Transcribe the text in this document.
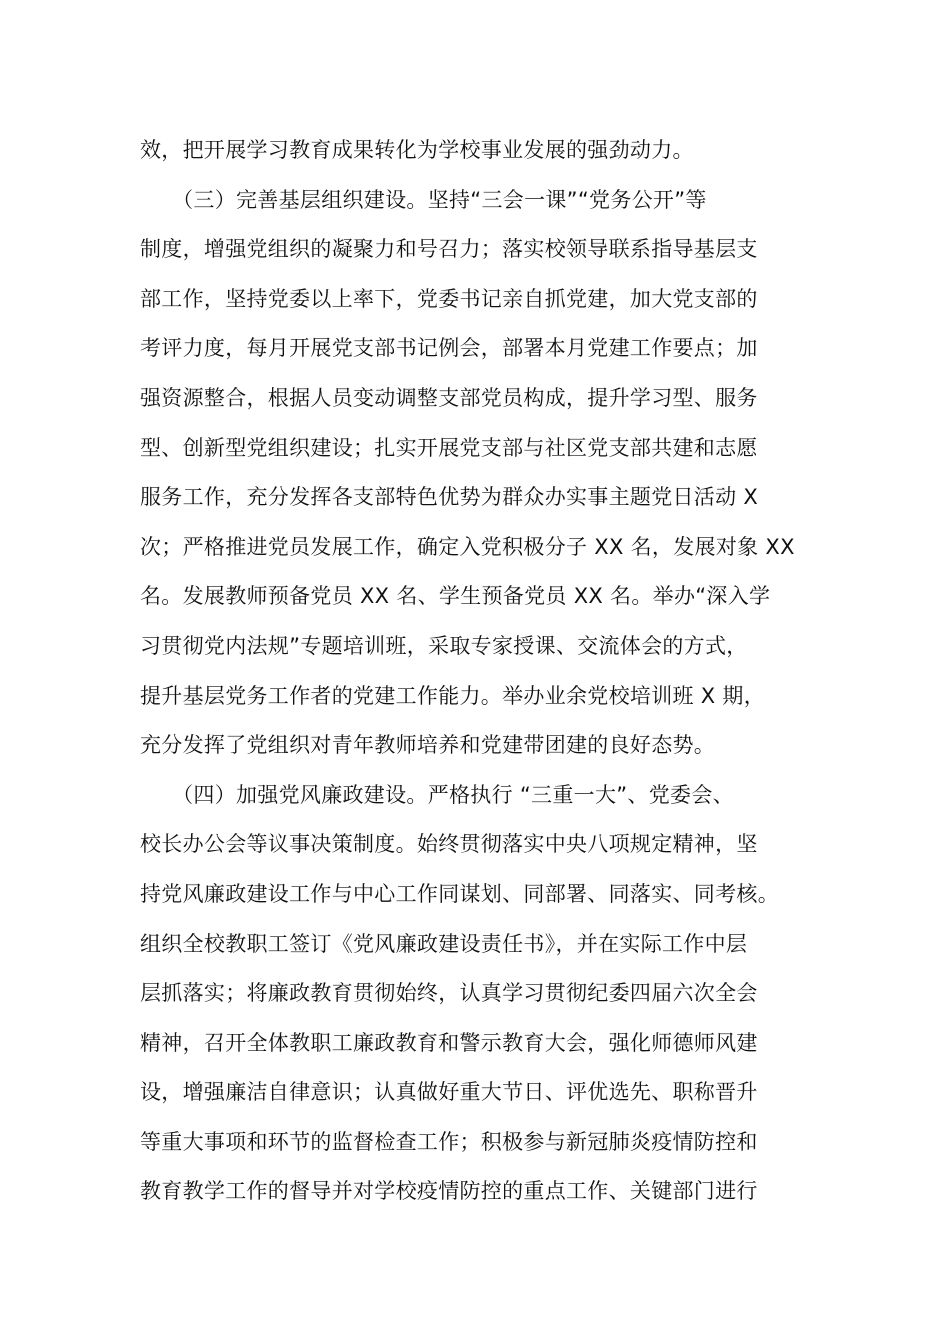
效，把开展学习教育成果转化为学校事业发展的强劲动力。
　　（三）完善基层组织建设。坚持“三会一课”“党务公开”等
制度，增强党组织的凝聚力和号召力；落实校领导联系指导基层支
部工作，坚持党委以上率下，党委书记亲自抓党建，加大党支部的
考评力度，每月开展党支部书记例会，部署本月党建工作要点；加
强资源整合，根据人员变动调整支部党员构成，提升学习型、服务
型、创新型党组织建设；扎实开展党支部与社区党支部共建和志愿
服务工作，充分发挥各支部特色优势为群众办实事主题党日活动 X
次；严格推进党员发展工作，确定入党积极分子 XX 名，发展对象 XX
名。发展教师预备党员 XX 名、学生预备党员 XX 名。举办“深入学
习贯彻党内法规”专题培训班，采取专家授课、交流体会的方式，
提升基层党务工作者的党建工作能力。举办业余党校培训班 X 期，
充分发挥了党组织对青年教师培养和党建带团建的良好态势。
　　（四）加强党风廉政建设。严格执行 “三重一大”、党委会、
校长办公会等议事决策制度。始终贯彻落实中央八项规定精神，坚
持党风廉政建设工作与中心工作同谋划、同部署、同落实、同考核。
组织全校教职工签订《党风廉政建设责任书》，并在实际工作中层
层抓落实；将廉政教育贯彻始终，认真学习贯彻纪委四届六次全会
精神，召开全体教职工廉政教育和警示教育大会，强化师德师风建
设，增强廉洁自律意识；认真做好重大节日、评优选先、职称晋升
等重大事项和环节的监督检查工作；积极参与新冠肺炎疫情防控和
教育教学工作的督导并对学校疫情防控的重点工作、关键部门进行
